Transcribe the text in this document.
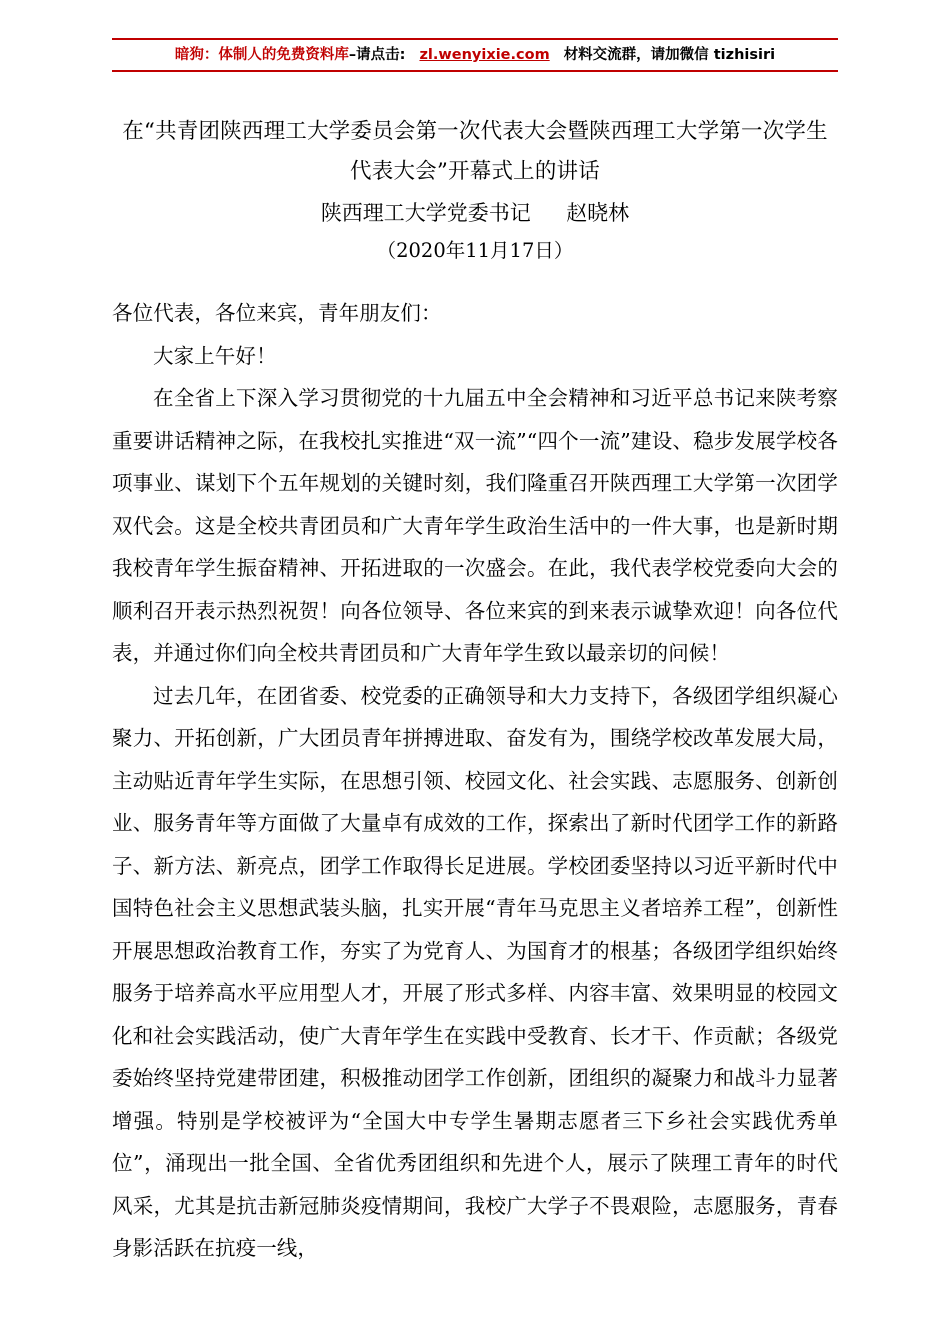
暗狗：体制人的免费资料库 – 请点击: zl.wenyixie.com 材料交流群，请加微信 tizhisiri
在“共青团陕西理工大学委员会第一次代表大会暨陕西理工大学第一次学生代表大会”开幕式上的讲话
陕西理工大学党委书记 赵晓林
（2020年11月17日）

各位代表，各位来宾，青年朋友们：

大家上午好！

在全省上下深入学习贯彻党的十九届五中全会精神和习近平总书记来陕考察重要讲话精神之际，在我校扎实推进“双一流”“四个一流”建设、稳步发展学校各项事业、谋划下个五年规划的关键时刻，我们隆重召开陕西理工大学第一次团学双代会。这是全校共青团员和广大青年学生政治生活中的一件大事，也是新时期我校青年学生振奋精神、开拓进取的一次盛会。在此，我代表学校党委向大会的顺利召开表示热烈祝贺！向各位领导、各位来宾的到来表示诚挚欢迎！向各位代表，并通过你们向全校共青团员和广大青年学生致以最亲切的问候！

过去几年，在团省委、校党委的正确领导和大力支持下，各级团学组织凝心聚力、开拓创新，广大团员青年拼搏进取、奋发有为，围绕学校改革发展大局，主动贴近青年学生实际，在思想引领、校园文化、社会实践、志愿服务、创新创业、服务青年等方面做了大量卓有成效的工作，探索出了新时代团学工作的新路子、新方法、新亮点，团学工作取得长足进展。学校团委坚持以习近平新时代中国特色社会主义思想武装头脑，扎实开展“青年马克思主义者培养工程”，创新性开展思想政治教育工作，夯实了为党育人、为国育才的根基；各级团学组织始终服务于培养高水平应用型人才，开展了形式多样、内容丰富、效果明显的校园文化和社会实践活动，使广大青年学生在实践中受教育、长才干、作贡献；各级党委始终坚持党建带团建，积极推动团学工作创新，团组织的凝聚力和战斗力显著增强。特别是学校被评为“全国大中专学生暑期志愿者三下乡社会实践优秀单位”，涌现出一批全国、全省优秀团组织和先进个人，展示了陕理工青年的时代风采，尤其是抗击新冠肺炎疫情期间，我校广大学子不畏艰险，志愿服务，青春身影活跃在抗疫一线，
